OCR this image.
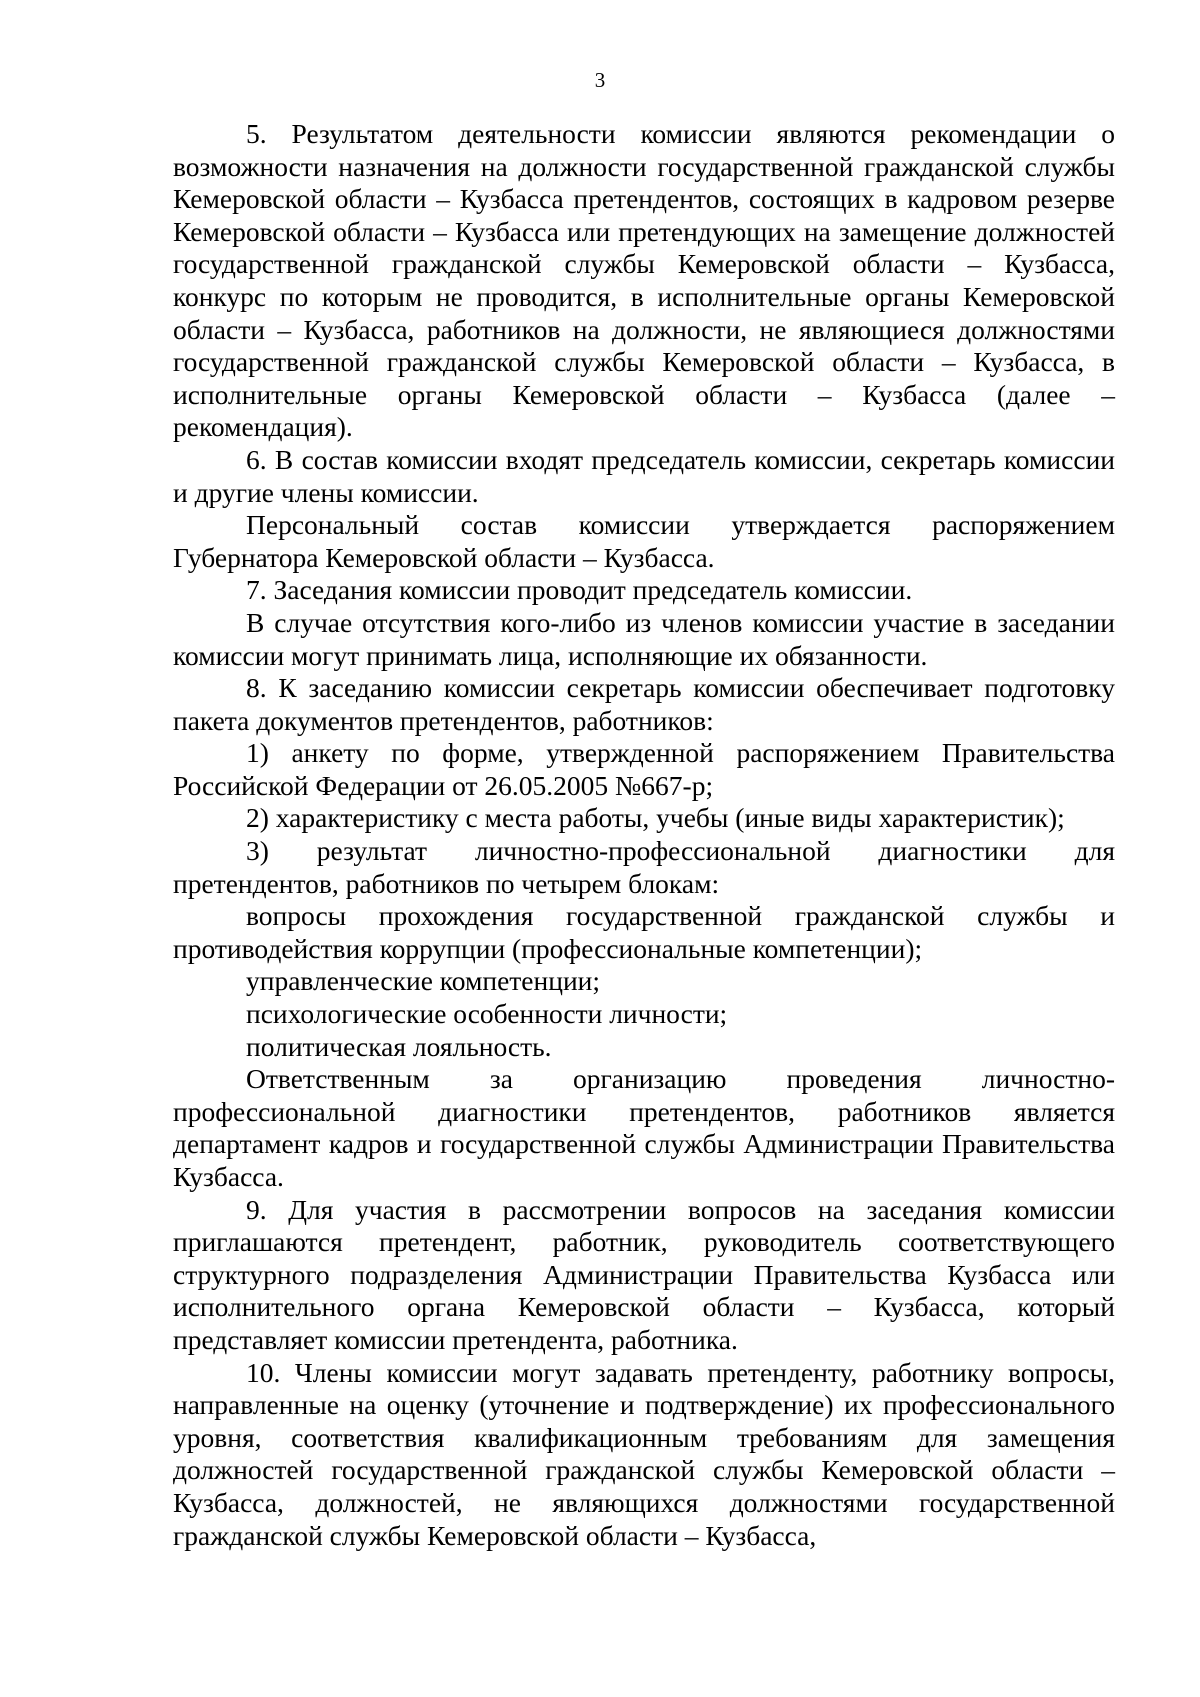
3

5. Результатом деятельности комиссии являются рекомендации о возможности назначения на должности государственной гражданской службы Кемеровской области – Кузбасса претендентов, состоящих в кадровом резерве Кемеровской области – Кузбасса или претендующих на замещение должностей государственной гражданской службы Кемеровской области – Кузбасса, конкурс по которым не проводится, в исполнительные органы Кемеровской области – Кузбасса, работников на должности, не являющиеся должностями государственной гражданской службы Кемеровской области – Кузбасса, в исполнительные органы Кемеровской области – Кузбасса (далее – рекомендация).

6. В состав комиссии входят председатель комиссии, секретарь комиссии и другие члены комиссии.

Персональный состав комиссии утверждается распоряжением Губернатора Кемеровской области – Кузбасса.

7. Заседания комиссии проводит председатель комиссии.

В случае отсутствия кого-либо из членов комиссии участие в заседании комиссии могут принимать лица, исполняющие их обязанности.

8. К заседанию комиссии секретарь комиссии обеспечивает подготовку пакета документов претендентов, работников:

1) анкету по форме, утвержденной распоряжением Правительства Российской Федерации от 26.05.2005 №667-р;

2) характеристику с места работы, учебы (иные виды характеристик);

3) результат личностно-профессиональной диагностики для претендентов, работников по четырем блокам:

вопросы прохождения государственной гражданской службы и противодействия коррупции (профессиональные компетенции);

управленческие компетенции;

психологические особенности личности;

политическая лояльность.

Ответственным за организацию проведения личностно-профессиональной диагностики претендентов, работников является департамент кадров и государственной службы Администрации Правительства Кузбасса.

9. Для участия в рассмотрении вопросов на заседания комиссии приглашаются претендент, работник, руководитель соответствующего структурного подразделения Администрации Правительства Кузбасса или исполнительного органа Кемеровской области – Кузбасса, который представляет комиссии претендента, работника.

10. Члены комиссии могут задавать претенденту, работнику вопросы, направленные на оценку (уточнение и подтверждение) их профессионального уровня, соответствия квалификационным требованиям для замещения должностей государственной гражданской службы Кемеровской области – Кузбасса, должностей, не являющихся должностями государственной гражданской службы Кемеровской области – Кузбасса,
